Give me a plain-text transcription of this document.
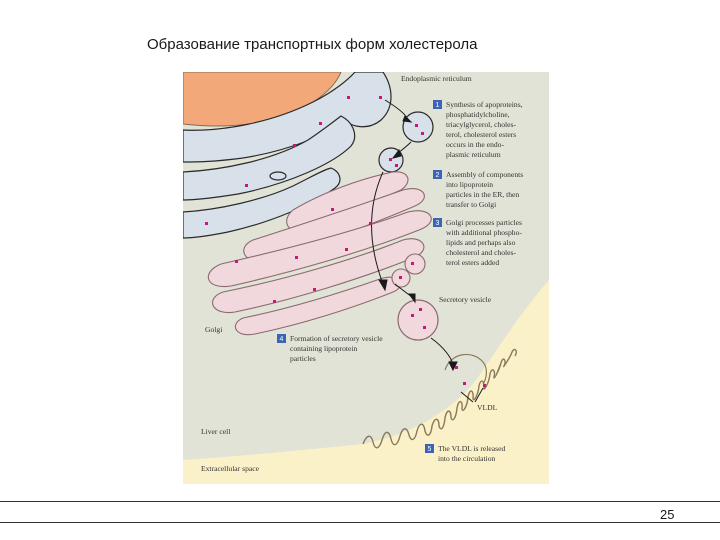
Образование транспортных форм холестерола
Endoplasmic reticulum
Golgi
Secretory vesicle
VLDL
Liver cell
Extracellular space
1 Synthesis of apoproteins,
phosphatidylcholine,
triacylglycerol, choles-
terol, cholesterol esters
occurs in the endo-
plasmic reticulum
2 Assembly of components
into lipoprotein
particles in the ER, then
transfer to Golgi
3 Golgi processes particles
with additional phospho-
lipids and perhaps also
cholesterol and choles-
terol esters added
4 Formation of secretory vesicle
containing lipoprotein
particles
5 The VLDL is released
into the circulation
25
